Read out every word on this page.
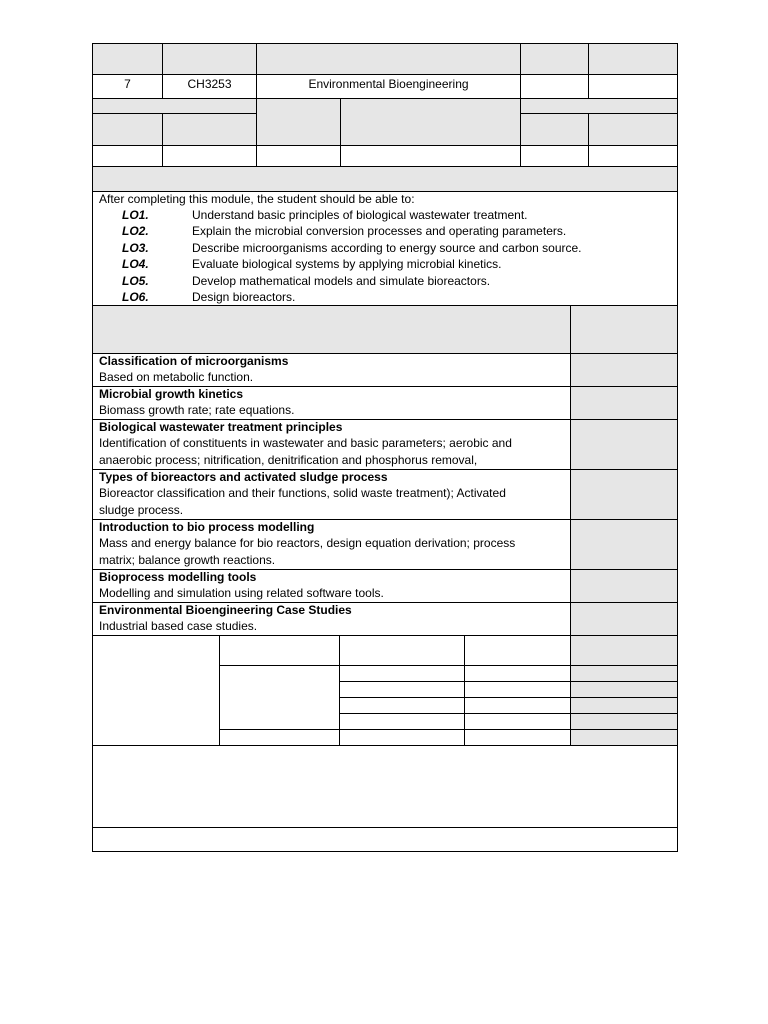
7	CH3253	Environmental Bioengineering
After completing this module, the student should be able to:
LO1.	Understand basic principles of biological wastewater treatment.
LO2.	Explain the microbial conversion processes and operating parameters.
LO3.	Describe microorganisms according to energy source and carbon source.
LO4.	Evaluate biological systems by applying microbial kinetics.
LO5.	Develop mathematical models and simulate bioreactors.
LO6.	Design bioreactors.
Classification of microorganisms
Based on metabolic function.
Microbial growth kinetics
Biomass growth rate; rate equations.
Biological wastewater treatment principles
Identification of constituents in wastewater and basic parameters; aerobic and
anaerobic process; nitrification, denitrification and phosphorus removal,
Types of bioreactors and activated sludge process
Bioreactor classification and their functions, solid waste treatment); Activated
sludge process.
Introduction to bio process modelling
Mass and energy balance for bio reactors, design equation derivation; process
matrix; balance growth reactions.
Bioprocess modelling tools
Modelling and simulation using related software tools.
Environmental Bioengineering Case Studies
Industrial based case studies.
